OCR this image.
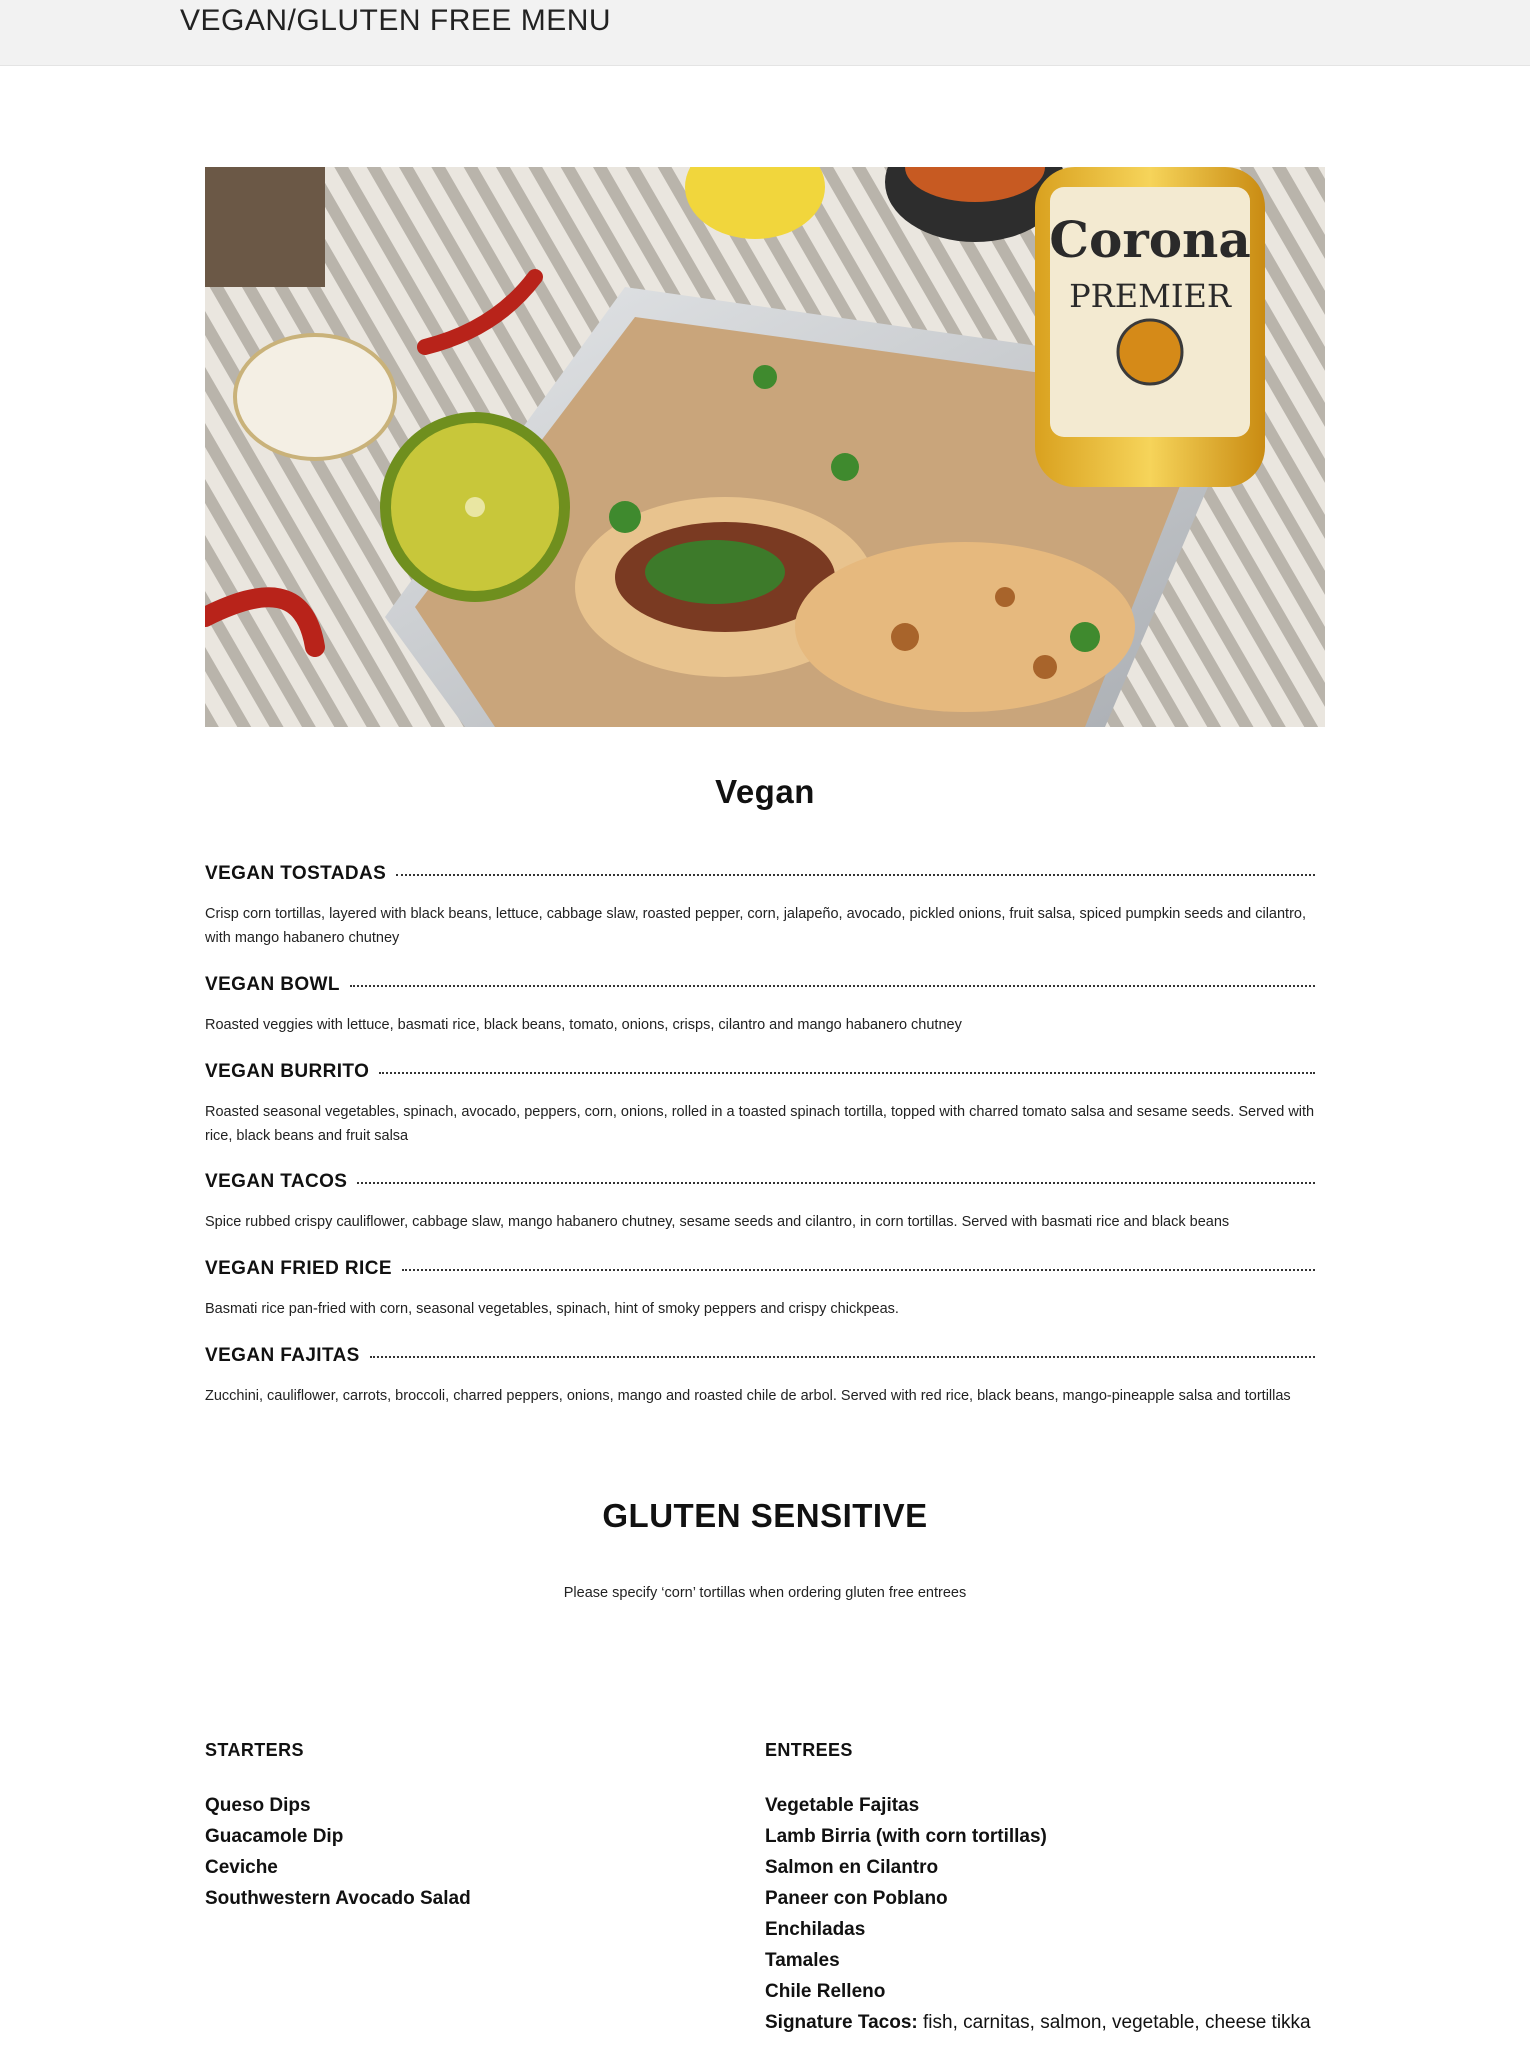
VEGAN/GLUTEN FREE MENU
Corona
PREMIER
Vegan
VEGAN TOSTADAS

Crisp corn tortillas, layered with black beans, lettuce, cabbage slaw, roasted pepper, corn, jalapeño, avocado, pickled onions, fruit salsa, spiced pumpkin seeds and cilantro, with mango habanero chutney

VEGAN BOWL

Roasted veggies with lettuce, basmati rice, black beans, tomato, onions, crisps, cilantro and mango habanero chutney

VEGAN BURRITO

Roasted seasonal vegetables, spinach, avocado, peppers, corn, onions, rolled in a toasted spinach tortilla, topped with charred tomato salsa and sesame seeds. Served with rice, black beans and fruit salsa

VEGAN TACOS

Spice rubbed crispy cauliflower, cabbage slaw, mango habanero chutney, sesame seeds and cilantro, in corn tortillas. Served with basmati rice and black beans

VEGAN FRIED RICE

Basmati rice pan-fried with corn, seasonal vegetables, spinach, hint of smoky peppers and crispy chickpeas.

VEGAN FAJITAS

Zucchini, cauliflower, carrots, broccoli, charred peppers, onions, mango and roasted chile de arbol. Served with red rice, black beans, mango-pineapple salsa and tortillas

GLUTEN SENSITIVE

Please specify ‘corn’ tortillas when ordering gluten free entrees

STARTERS
Queso Dips
Guacamole Dip
Ceviche
Southwestern Avocado Salad
ENTREES
Vegetable Fajitas
Lamb Birria (with corn tortillas)
Salmon en Cilantro
Paneer con Poblano
Enchiladas
Tamales
Chile Relleno
Signature Tacos: fish, carnitas, salmon, vegetable, cheese tikka
